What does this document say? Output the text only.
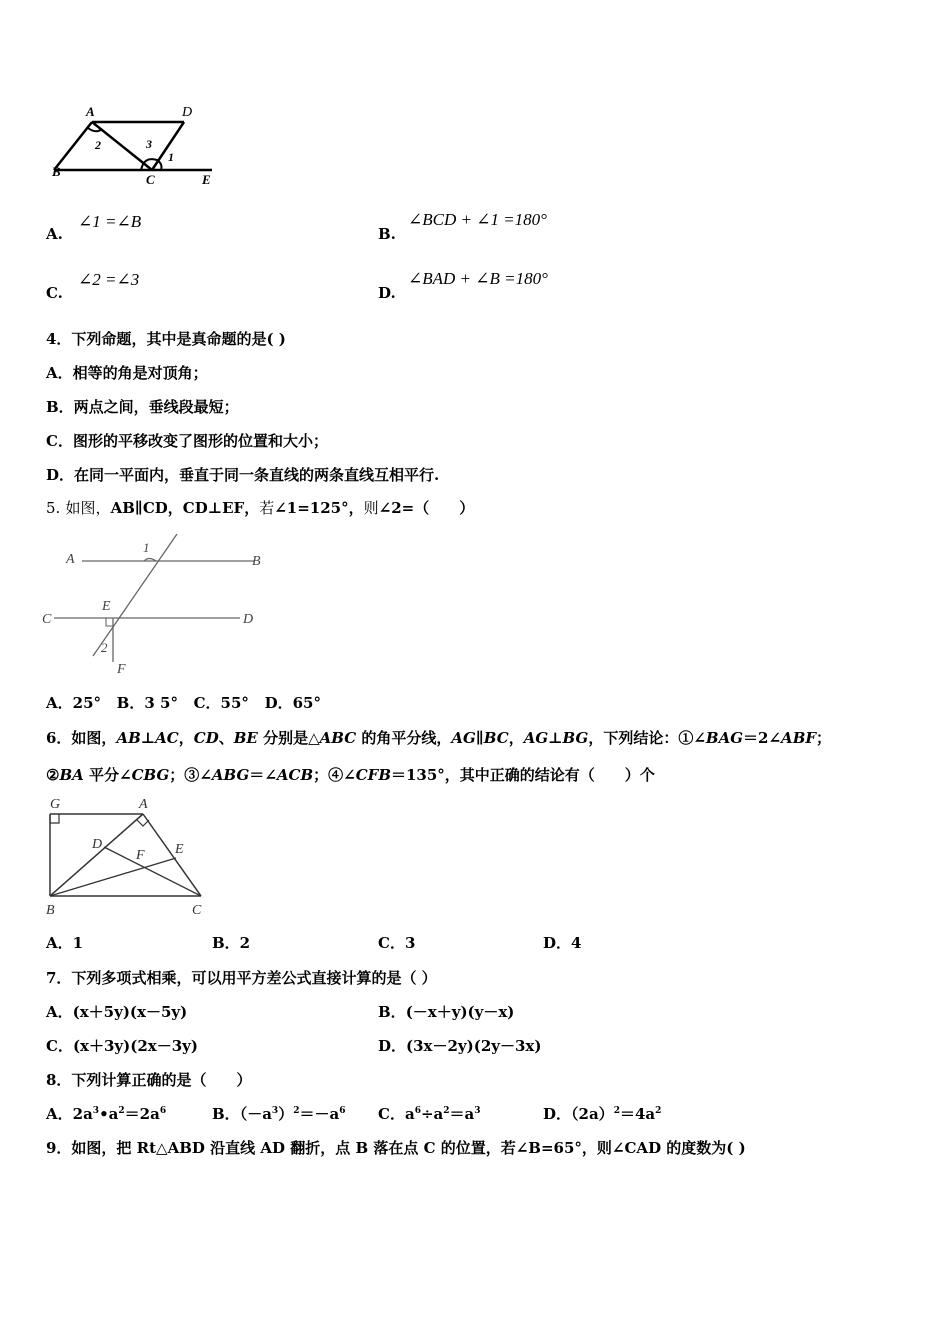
A	D
B
C	E
1
2	3
A.
∠1 =∠B
B.
∠BCD + ∠1 =180°
C.
∠2 =∠3
D.
∠BAD + ∠B =180°
4．下列命题，其中是真命题的是( )
A．相等的角是对顶角；
B．两点之间，垂线段最短；
C．图形的平移改变了图形的位置和大小；
D．在同一平面内，垂直于同一条直线的两条直线互相平行.
5. 如图，AB∥CD，CD⊥EF，若∠1=125°，则∠2=（　　）
A	B
C	D
E
F
1
2
A．25°   B．3 5°   C．55°   D．65°
6．如图，AB⊥AC，CD、BE 分别是△ABC 的角平分线，AG∥BC，AG⊥BG，下列结论：①∠BAG＝2∠ABF；
②BA 平分∠CBG；③∠ABG＝∠ACB；④∠CFB＝135°，其中正确的结论有（　　）个
G	A
D
F E
B	C
A．1	B．2	C．3	D．4
7．下列多项式相乘，可以用平方差公式直接计算的是（ ）
A．(x＋5y)(x－5y)	B．(－x＋y)(y－x)
C．(x＋3y)(2x－3y)	D．(3x－2y)(2y－3x)
8．下列计算正确的是（　　）
A．$2a^3•a^2=2a^6$	B．$(-a^3)^2=-a^6$ C．$a^6\div a^2=a^3$	D．$(2a)^2=4a^2$
9．如图，把 Rt△ABD 沿直线 AD 翻折，点 B 落在点 C 的位置，若∠B=65°，则∠CAD 的度数为( )
